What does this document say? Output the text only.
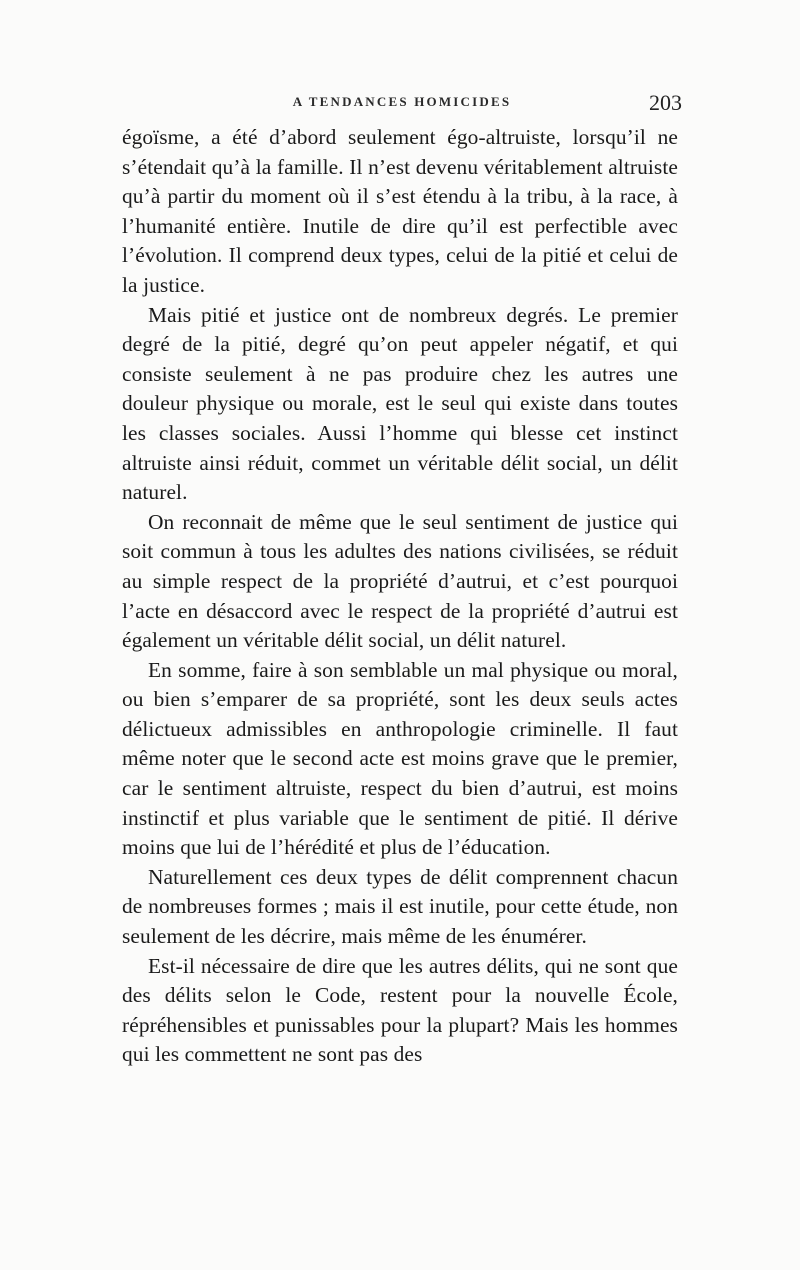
A TENDANCES HOMICIDES	203

égoïsme, a été d’abord seulement égo-altruiste, lorsqu’il ne s’étendait qu’à la famille. Il n’est devenu véritablement altruiste qu’à partir du moment où il s’est étendu à la tribu, à la race, à l’humanité entière. Inutile de dire qu’il est perfectible avec l’évolution. Il comprend deux types, celui de la pitié et celui de la justice.

Mais pitié et justice ont de nombreux degrés. Le premier degré de la pitié, degré qu’on peut appeler négatif, et qui consiste seulement à ne pas produire chez les autres une douleur physique ou morale, est le seul qui existe dans toutes les classes sociales. Aussi l’homme qui blesse cet instinct altruiste ainsi réduit, commet un véritable délit social, un délit naturel.

On reconnait de même que le seul sentiment de justice qui soit commun à tous les adultes des nations civilisées, se réduit au simple respect de la propriété d’autrui, et c’est pourquoi l’acte en désaccord avec le respect de la propriété d’autrui est également un véritable délit social, un délit naturel.

En somme, faire à son semblable un mal physique ou moral, ou bien s’emparer de sa propriété, sont les deux seuls actes délictueux admissibles en anthropologie criminelle. Il faut même noter que le second acte est moins grave que le premier, car le sentiment altruiste, respect du bien d’autrui, est moins instinctif et plus variable que le sentiment de pitié. Il dérive moins que lui de l’hérédité et plus de l’éducation.

Naturellement ces deux types de délit comprennent chacun de nombreuses formes ; mais il est inutile, pour cette étude, non seulement de les décrire, mais même de les énumérer.

Est-il nécessaire de dire que les autres délits, qui ne sont que des délits selon le Code, restent pour la nouvelle École, répréhensibles et punissables pour la plupart? Mais les hommes qui les commettent ne sont pas des
